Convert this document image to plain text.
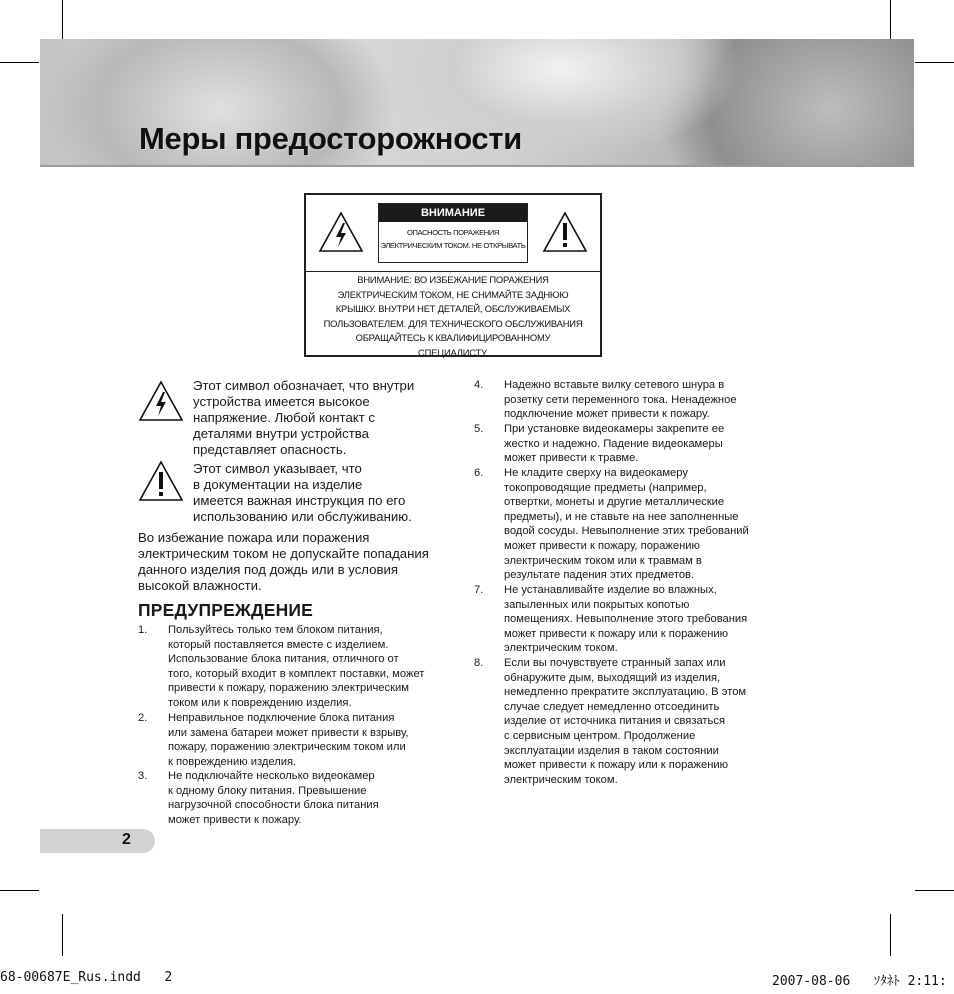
Меры предосторожности
ВНИМАНИЕ
ОПАСНОСТЬ ПОРАЖЕНИЯ
ЭЛЕКТРИЧЕСКИМ ТОКОМ. НЕ ОТКРЫВАТЬ
ВНИМАНИЕ: ВО ИЗБЕЖАНИЕ ПОРАЖЕНИЯ
ЭЛЕКТРИЧЕСКИМ ТОКОМ, НЕ СНИМАЙТЕ ЗАДНЮЮ
КРЫШКУ. ВНУТРИ НЕТ ДЕТАЛЕЙ, ОБСЛУЖИВАЕМЫХ
ПОЛЬЗОВАТЕЛЕМ. ДЛЯ ТЕХНИЧЕСКОГО ОБСЛУЖИВАНИЯ
ОБРАЩАЙТЕСЬ К КВАЛИФИЦИРОВАННОМУ
СПЕЦИАЛИСТУ.
Этот символ обозначает, что внутри
устройства имеется высокое
напряжение. Любой контакт с
деталями внутри устройства
представляет опасность.
Этот символ указывает, что
в документации на изделие
имеется важная инструкция по его
использованию или обслуживанию.
Во избежание пожара или поражения
электрическим током не допускайте попадания
данного изделия под дождь или в условия
высокой влажности.
ПРЕДУПРЕЖДЕНИЕ
1. Пользуйтесь только тем блоком питания,
который поставляется вместе с изделием.
Использование блока питания, отличного от
того, который входит в комплект поставки, может
привести к пожару, поражению электрическим
током или к повреждению изделия.
2. Неправильное подключение блока питания
или замена батареи может привести к взрыву,
пожару, поражению электрическим током или
к повреждению изделия.
3. Не подключайте несколько видеокамер
к одному блоку питания. Превышение
нагрузочной способности блока питания
может привести к пожару.
4. Надежно вставьте вилку сетевого шнура в
розетку сети переменного тока. Ненадежное
подключение может привести к пожару.
5. При установке видеокамеры закрепите ее
жестко и надежно. Падение видеокамеры
может привести к травме.
6. Не кладите сверху на видеокамеру
токопроводящие предметы (например,
отвертки, монеты и другие металлические
предметы), и не ставьте на нее заполненные
водой сосуды. Невыполнение этих требований
может привести к пожару, поражению
электрическим током или к травмам в
результате падения этих предметов.
7. Не устанавливайте изделие во влажных,
запыленных или покрытых копотью
помещениях. Невыполнение этого требования
может привести к пожару или к поражению
электрическим током.
8. Если вы почувствуете странный запах или
обнаружите дым, выходящий из изделия,
немедленно прекратите эксплуатацию. В этом
случае следует немедленно отсоединить
изделие от источника питания и связаться
с сервисным центром. Продолжение
эксплуатации изделия в таком состоянии
может привести к пожару или к поражению
электрическим током.
2
68-00687E_Rus.indd   2	2007-08-06   ｿﾀﾈﾄ 2:11:
